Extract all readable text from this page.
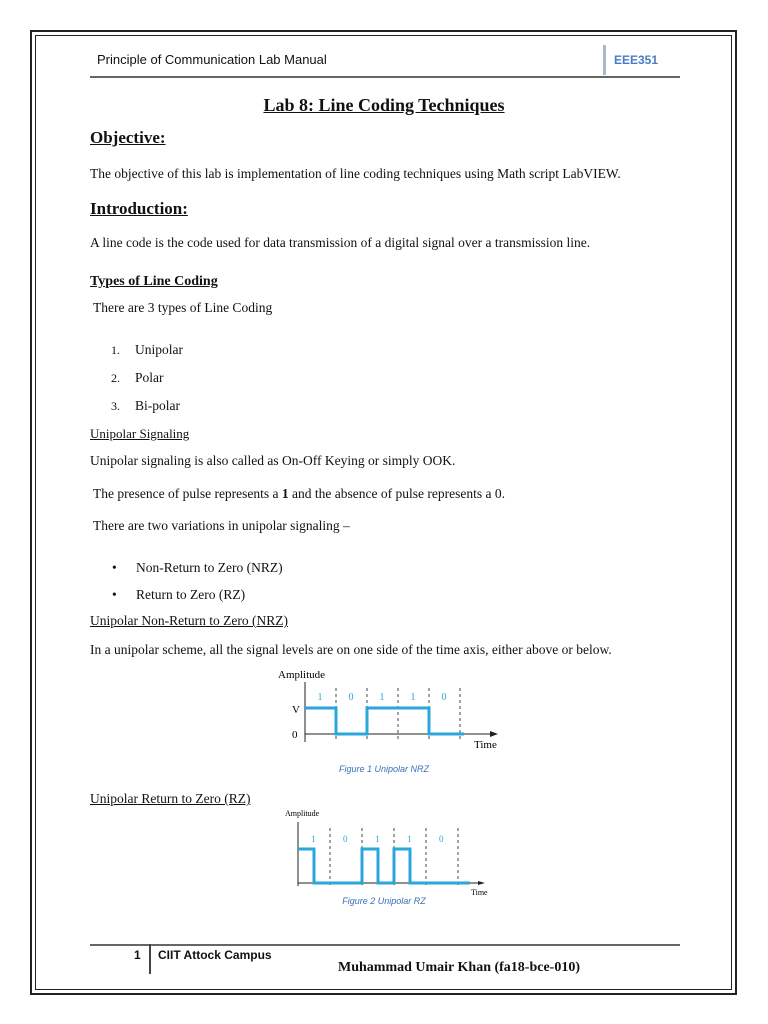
Principle of Communication Lab Manual	EEE351
Lab 8: Line Coding Techniques
Objective:
The objective of this lab is implementation of line coding techniques using Math script LabVIEW.
Introduction:
A line code is the code used for data transmission of a digital signal over a transmission line.
Types of Line Coding
There are 3 types of Line Coding
1. Unipolar
2. Polar
3. Bi-polar
Unipolar Signaling
Unipolar signaling is also called as On-Off Keying or simply OOK.
The presence of pulse represents a 1 and the absence of pulse represents a 0.
There are two variations in unipolar signaling –
• Non-Return to Zero (NRZ)
• Return to Zero (RZ)
Unipolar Non-Return to Zero (NRZ)
In a unipolar scheme, all the signal levels are on one side of the time axis, either above or below.
Amplitude
V
0
Time
1	0	1	1	0
Figure 1 Unipolar NRZ
Unipolar Return to Zero (RZ)
Amplitude
Time
1	0	1	1	0
Figure 2 Unipolar RZ
1 CIIT Attock Campus
Muhammad Umair Khan (fa18-bce-010)
